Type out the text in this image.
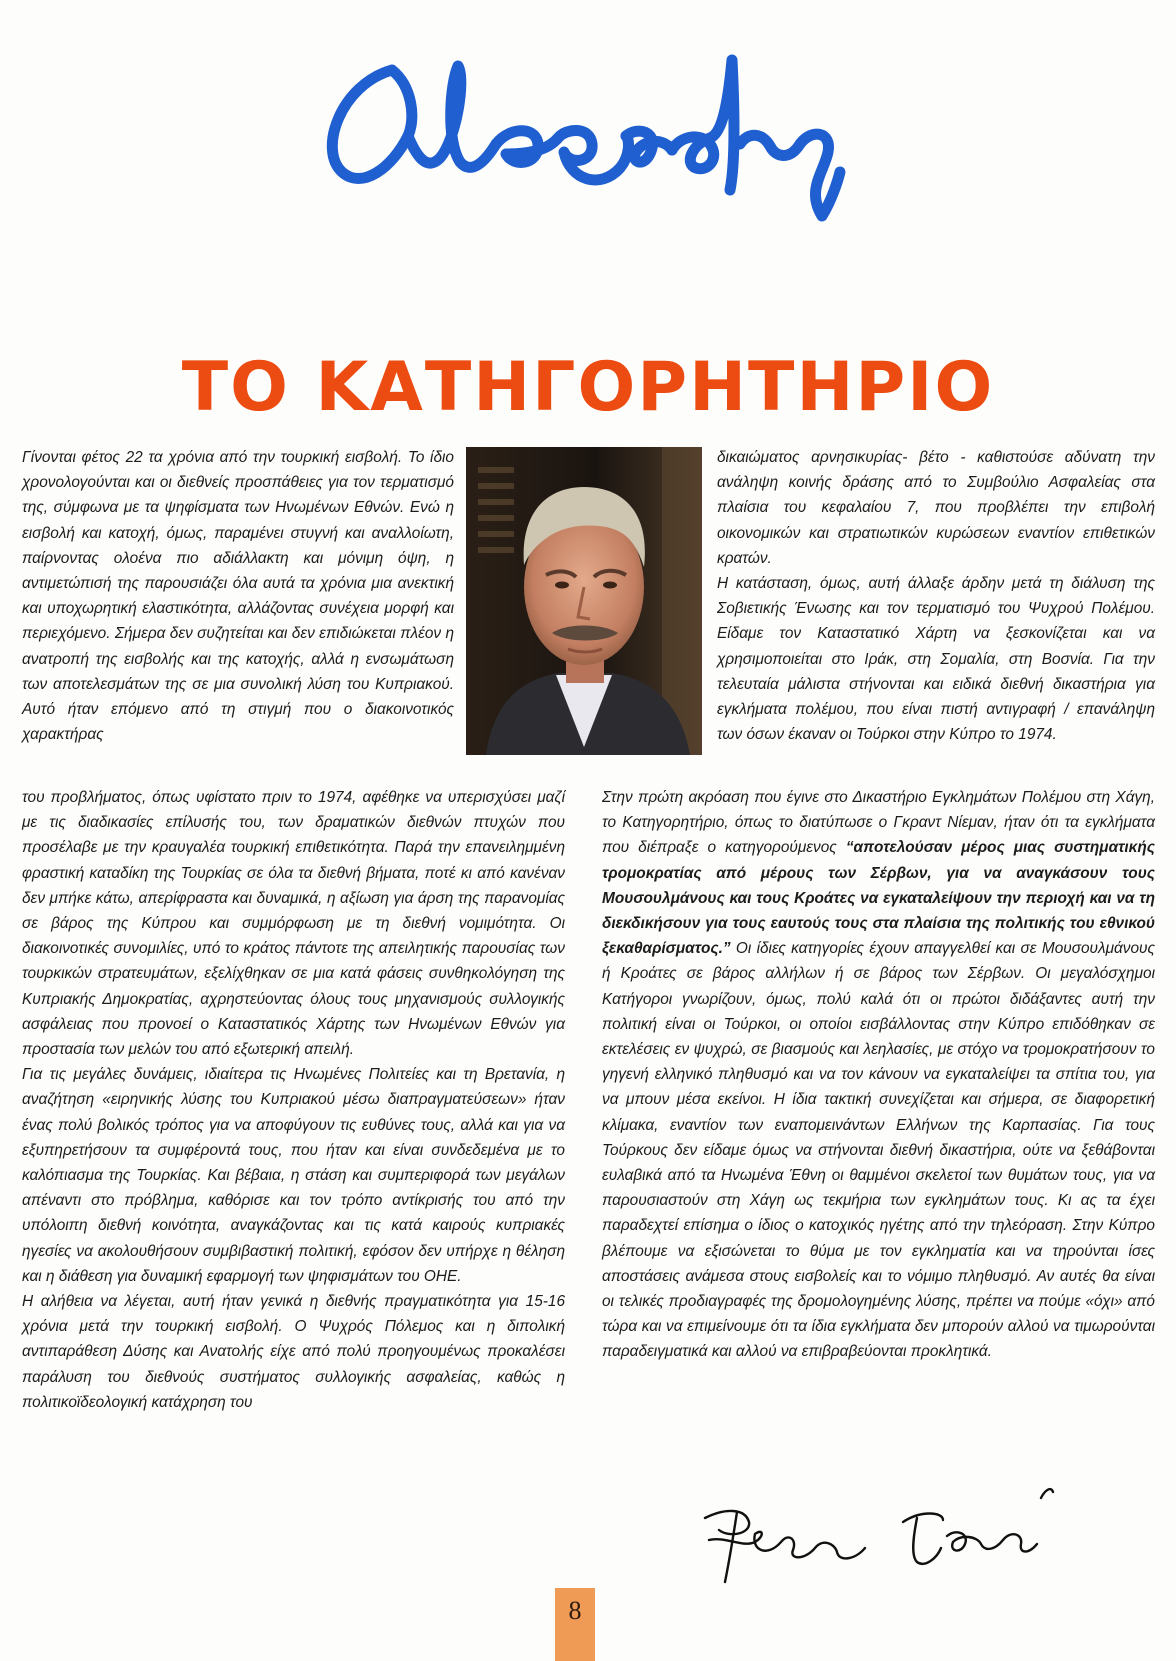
ΤΟ ΚΑΤΗΓΟΡΗΤΗΡΙΟ

Γίνονται φέτος 22 τα χρόνια από την τουρκική εισβολή. Το ίδιο χρονολογούνται και οι διεθνείς προσπάθειες για τον τερματισμό της, σύμφωνα με τα ψηφίσματα των Ηνωμένων Εθνών. Ενώ η εισβολή και κατοχή, όμως, παραμένει στυγνή και αναλλοίωτη, παίρνοντας ολοένα πιο αδιάλλακτη και μόνιμη όψη, η αντιμετώπισή της παρουσιάζει όλα αυτά τα χρόνια μια ανεκτική και υποχωρητική ελαστικότητα, αλλάζοντας συνέχεια μορφή και περιεχόμενο. Σήμερα δεν συζητείται και δεν επιδιώκεται πλέον η ανατροπή της εισβολής και της κατοχής, αλλά η ενσωμάτωση των αποτελεσμάτων της σε μια συνολική λύση του Κυπριακού. Αυτό ήταν επόμενο από τη στιγμή που ο διακοινοτικός χαρακτήρας

του προβλήματος, όπως υφίστατο πριν το 1974, αφέθηκε να υπερισχύσει μαζί με τις διαδικασίες επίλυσής του, των δραματικών διεθνών πτυχών που προσέλαβε με την κραυγαλέα τουρκική επιθετικότητα. Παρά την επανειλημμένη φραστική καταδίκη της Τουρκίας σε όλα τα διεθνή βήματα, ποτέ κι από κανέναν δεν μπήκε κάτω, απερίφραστα και δυναμικά, η αξίωση για άρση της παρανομίας σε βάρος της Κύπρου και συμμόρφωση με τη διεθνή νομιμότητα. Οι διακοινοτικές συνομιλίες, υπό το κράτος πάντοτε της απειλητικής παρουσίας των τουρκικών στρατευμάτων, εξελίχθηκαν σε μια κατά φάσεις συνθηκολόγηση της Κυπριακής Δημοκρατίας, αχρηστεύοντας όλους τους μηχανισμούς συλλογικής ασφάλειας που προνοεί ο Καταστατικός Χάρτης των Ηνωμένων Εθνών για προστασία των μελών του από εξωτερική απειλή.

Για τις μεγάλες δυνάμεις, ιδιαίτερα τις Ηνωμένες Πολιτείες και τη Βρετανία, η αναζήτηση «ειρηνικής λύσης του Κυπριακού μέσω διαπραγματεύσεων» ήταν ένας πολύ βολικός τρόπος για να αποφύγουν τις ευθύνες τους, αλλά και για να εξυπηρετήσουν τα συμφέροντά τους, που ήταν και είναι συνδεδεμένα με το καλόπιασμα της Τουρκίας. Και βέβαια, η στάση και συμπεριφορά των μεγάλων απέναντι στο πρόβλημα, καθόρισε και τον τρόπο αντίκρισής του από την υπόλοιπη διεθνή κοινότητα, αναγκάζοντας και τις κατά καιρούς κυπριακές ηγεσίες να ακολουθήσουν συμβιβαστική πολιτική, εφόσον δεν υπήρχε η θέληση και η διάθεση για δυναμική εφαρμογή των ψηφισμάτων του ΟΗΕ.

Η αλήθεια να λέγεται, αυτή ήταν γενικά η διεθνής πραγματικότητα για 15-16 χρόνια μετά την τουρκική εισβολή. Ο Ψυχρός Πόλεμος και η διπολική αντιπαράθεση Δύσης και Ανατολής είχε από πολύ προηγουμένως προκαλέσει παράλυση του διεθνούς συστήματος συλλογικής ασφαλείας, καθώς η πολιτικοϊδεολογική κατάχρηση του

δικαιώματος αρνησικυρίας- βέτο - καθιστούσε αδύνατη την ανάληψη κοινής δράσης από το Συμβούλιο Ασφαλείας στα πλαίσια του κεφαλαίου 7, που προβλέπει την επιβολή οικονομικών και στρατιωτικών κυρώσεων εναντίον επιθετικών κρατών.

Η κατάσταση, όμως, αυτή άλλαξε άρδην μετά τη διάλυση της Σοβιετικής Ένωσης και τον τερματισμό του Ψυχρού Πολέμου. Είδαμε τον Καταστατικό Χάρτη να ξεσκονίζεται και να χρησιμοποιείται στο Ιράκ, στη Σομαλία, στη Βοσνία. Για την τελευταία μάλιστα στήνονται και ειδικά διεθνή δικαστήρια για εγκλήματα πολέμου, που είναι πιστή αντιγραφή / επανάληψη των όσων έκαναν οι Τούρκοι στην Κύπρο το 1974.

Στην πρώτη ακρόαση που έγινε στο Δικαστήριο Εγκλημάτων Πολέμου στη Χάγη, το Κατηγορητήριο, όπως το διατύπωσε ο Γκραντ Νίεμαν, ήταν ότι τα εγκλήματα που διέπραξε ο κατηγορούμενος “αποτελούσαν μέρος μιας συστηματικής τρομοκρατίας από μέρους των Σέρβων, για να αναγκάσουν τους Μουσουλμάνους και τους Κροάτες να εγκαταλείψουν την περιοχή και να τη διεκδικήσουν για τους εαυτούς τους στα πλαίσια της πολιτικής του εθνικού ξεκαθαρίσματος.” Οι ίδιες κατηγορίες έχουν απαγγελθεί και σε Μουσουλμάνους ή Κροάτες σε βάρος αλλήλων ή σε βάρος των Σέρβων. Οι μεγαλόσχημοι Κατήγοροι γνωρίζουν, όμως, πολύ καλά ότι οι πρώτοι διδάξαντες αυτή την πολιτική είναι οι Τούρκοι, οι οποίοι εισβάλλοντας στην Κύπρο επιδόθηκαν σε εκτελέσεις εν ψυχρώ, σε βιασμούς και λεηλασίες, με στόχο να τρομοκρατήσουν το γηγενή ελληνικό πληθυσμό και να τον κάνουν να εγκαταλείψει τα σπίτια του, για να μπουν μέσα εκείνοι. Η ίδια τακτική συνεχίζεται και σήμερα, σε διαφορετική κλίμακα, εναντίον των εναπομεινάντων Ελλήνων της Καρπασίας. Για τους Τούρκους δεν είδαμε όμως να στήνονται διεθνή δικαστήρια, ούτε να ξεθάβονται ευλαβικά από τα Ηνωμένα Έθνη οι θαμμένοι σκελετοί των θυμάτων τους, για να παρουσιαστούν στη Χάγη ως τεκμήρια των εγκλημάτων τους. Κι ας τα έχει παραδεχτεί επίσημα ο ίδιος ο κατοχικός ηγέτης από την τηλεόραση. Στην Κύπρο βλέπουμε να εξισώνεται το θύμα με τον εγκληματία και να τηρούνται ίσες αποστάσεις ανάμεσα στους εισβολείς και το νόμιμο πληθυσμό. Αν αυτές θα είναι οι τελικές προδιαγραφές της δρομολογημένης λύσης, πρέπει να πούμε «όχι» από τώρα και να επιμείνουμε ότι τα ίδια εγκλήματα δεν μπορούν αλλού να τιμωρούνται παραδειγματικά και αλλού να επιβραβεύονται προκλητικά.

8
